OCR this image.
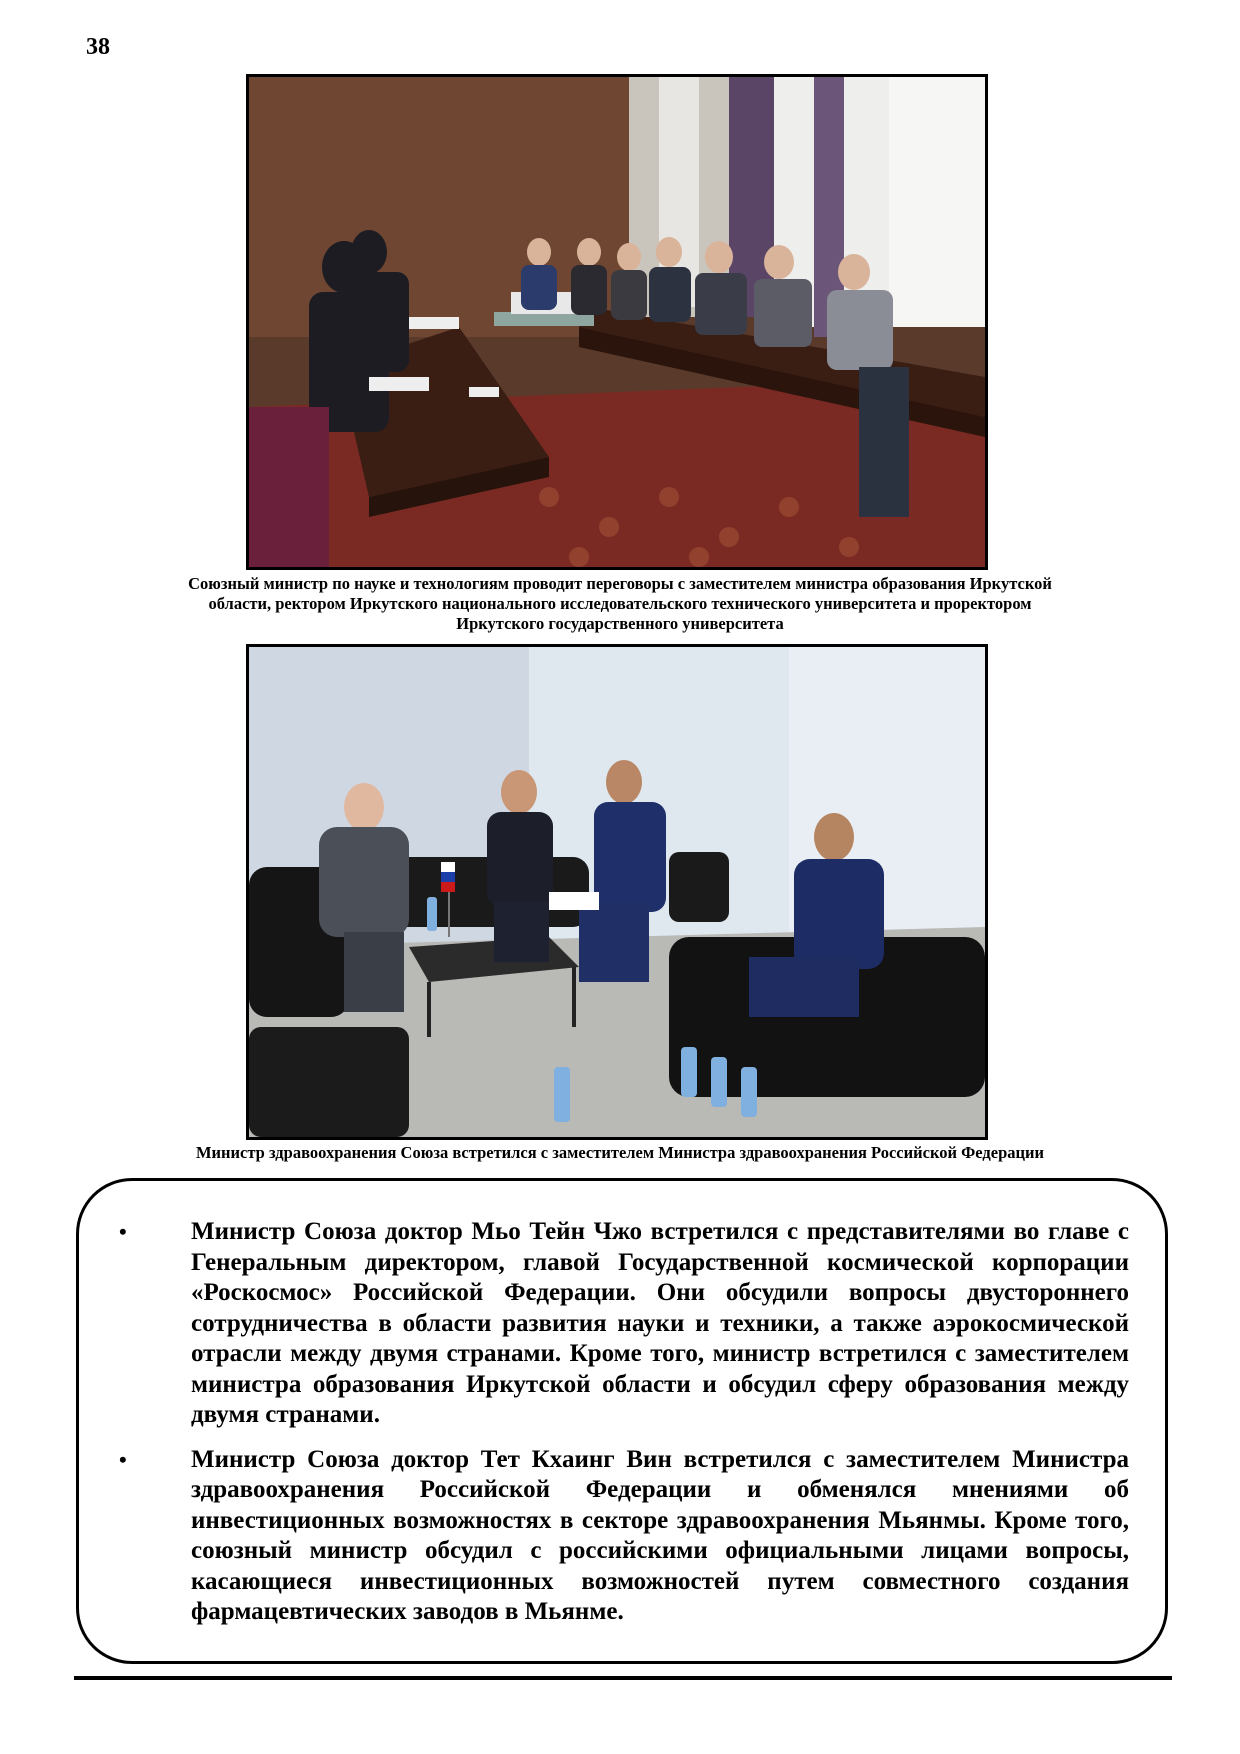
38
Союзный министр по науке и технологиям проводит переговоры с заместителем министра образования Иркутской области, ректором Иркутского национального исследовательского технического университета и проректором Иркутского государственного университета
Министр здравоохранения Союза встретился с заместителем Министра здравоохранения Российской Федерации
•	Министр Союза доктор Мьо Тейн Чжо встретился с представителями во главе с Генеральным директором, главой Государственной космической корпорации «Роскосмос» Российской Федерации. Они обсудили вопросы двустороннего сотрудничества в области развития науки и техники, а также аэрокосмической отрасли между двумя странами. Кроме того, министр встретился с заместителем министра образования Иркутской области и обсудил сферу образования между двумя странами.
•	Министр Союза доктор Тет Кхаинг Вин встретился с заместителем Министра здравоохранения Российской Федерации и обменялся мнениями об инвестиционных возможностях в секторе здравоохранения Мьянмы. Кроме того, союзный министр обсудил с российскими официальными лицами вопросы, касающиеся инвестиционных возможностей путем совместного создания фармацевтических заводов в Мьянме.
